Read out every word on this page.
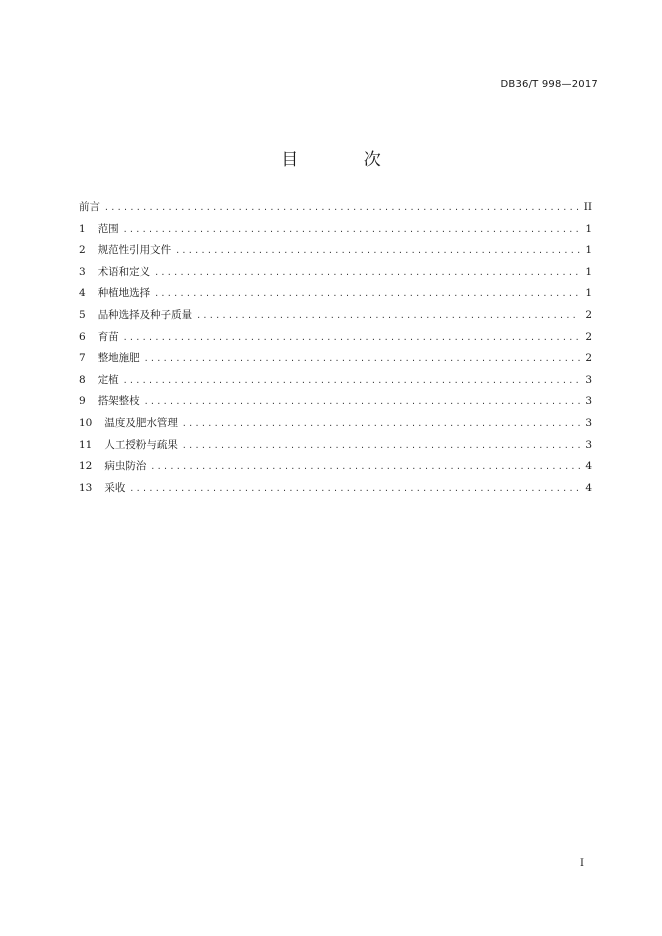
DB36/T 998—2017
目 次
前言 .....	II
1 范围 .....	1
2 规范性引用文件 .....	1
3 术语和定义 .....	1
4 种植地选择 .....	1
5 品种选择及种子质量 .....	2
6 育苗 .....	2
7 整地施肥 .....	2
8 定植 .....	3
9 搭架整枝 .....	3
10 温度及肥水管理 .....	3
11 人工授粉与疏果 .....	3
12 病虫防治 .....	4
13 采收 .....	4
I
